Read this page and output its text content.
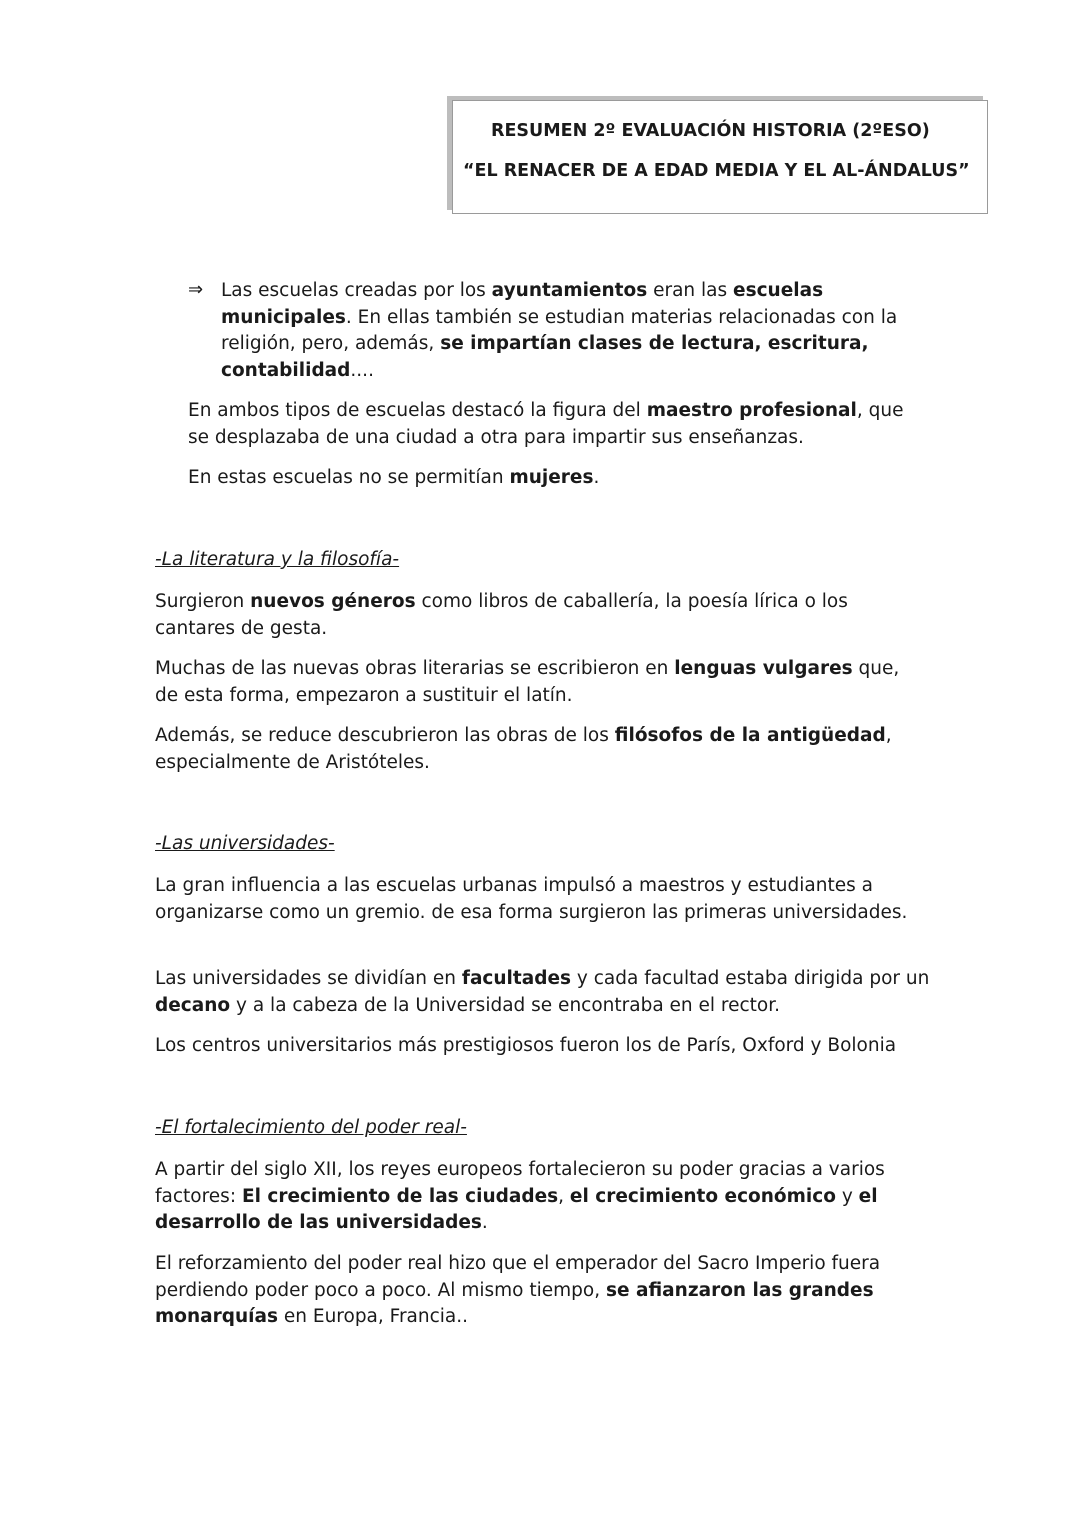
RESUMEN 2º EVALUACIÓN HISTORIA (2ºESO)
“EL RENACER DE A EDAD MEDIA Y EL AL-ÁNDALUS”
⇒ Las escuelas creadas por los ayuntamientos eran las escuelas municipales. En ellas también se estudian materias relacionadas con la religión, pero, además, se impartían clases de lectura, escritura, contabilidad....

En ambos tipos de escuelas destacó la figura del maestro profesional, que se desplazaba de una ciudad a otra para impartir sus enseñanzas.

En estas escuelas no se permitían mujeres.

-La literatura y la filosofía-

Surgieron nuevos géneros como libros de caballería, la poesía lírica o los cantares de gesta.

Muchas de las nuevas obras literarias se escribieron en lenguas vulgares que, de esta forma, empezaron a sustituir el latín.

Además, se reduce descubrieron las obras de los filósofos de la antigüedad, especialmente de Aristóteles.

-Las universidades-

La gran influencia a las escuelas urbanas impulsó a maestros y estudiantes a organizarse como un gremio. de esa forma surgieron las primeras universidades.

Las universidades se dividían en facultades y cada facultad estaba dirigida por un decano y a la cabeza de la Universidad se encontraba en el rector.

Los centros universitarios más prestigiosos fueron los de París, Oxford y Bolonia

-El fortalecimiento del poder real-

A partir del siglo XII, los reyes europeos fortalecieron su poder gracias a varios factores: El crecimiento de las ciudades, el crecimiento económico y el desarrollo de las universidades.

El reforzamiento del poder real hizo que el emperador del Sacro Imperio fuera perdiendo poder poco a poco. Al mismo tiempo, se afianzaron las grandes monarquías en Europa, Francia..
